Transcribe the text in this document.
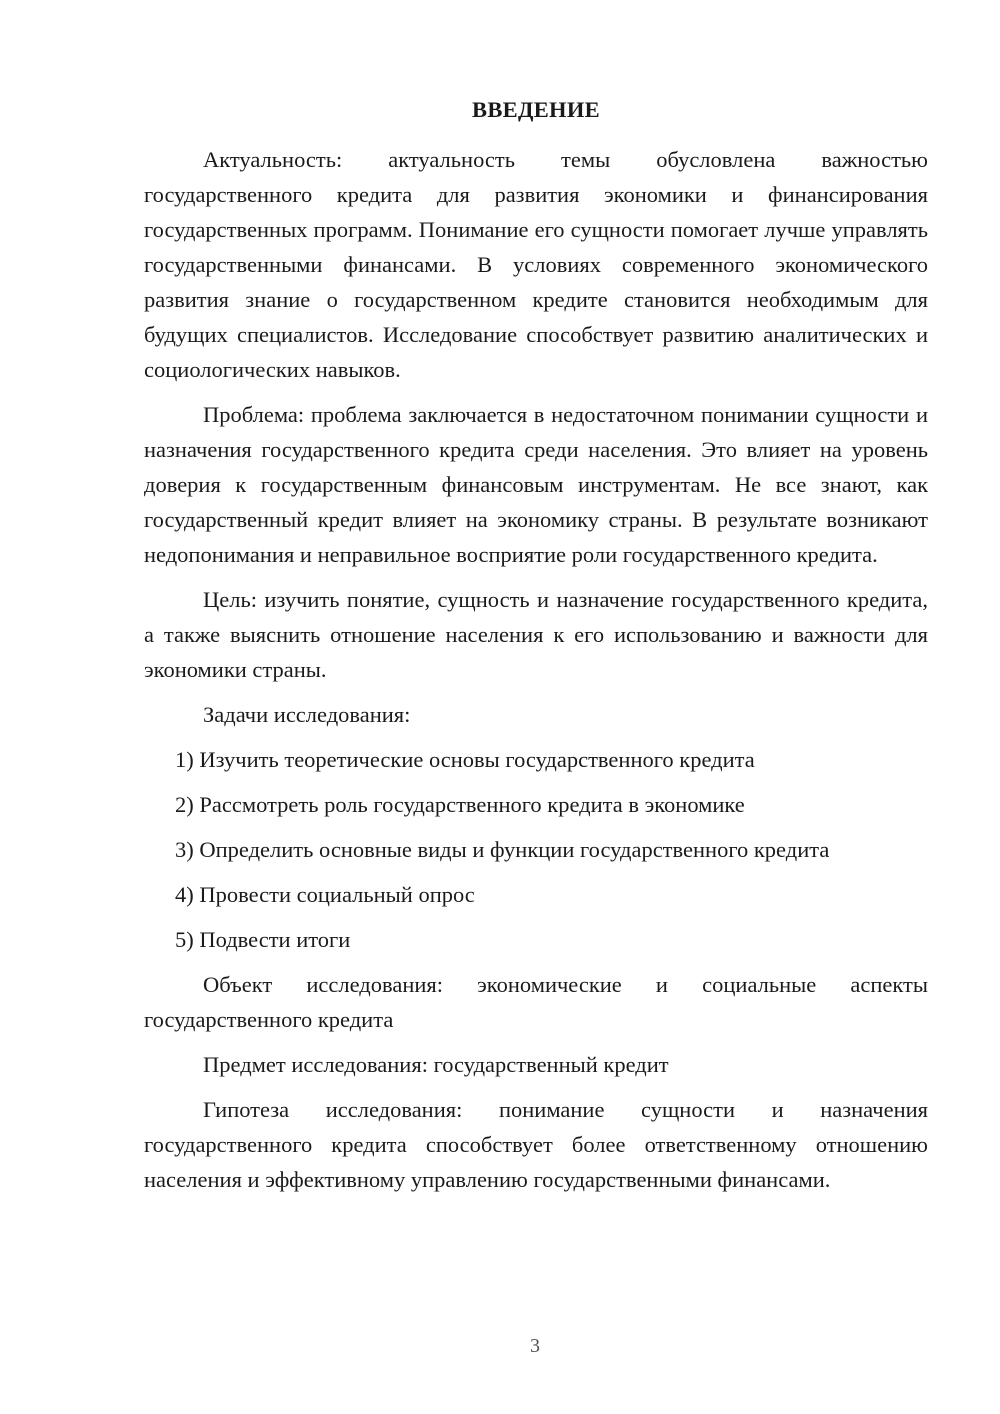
ВВЕДЕНИЕ

Актуальность: актуальность темы обусловлена важностью государственного кредита для развития экономики и финансирования государственных программ. Понимание его сущности помогает лучше управлять государственными финансами. В условиях современного экономического развития знание о государственном кредите становится необходимым для будущих специалистов. Исследование способствует развитию аналитических и социологических навыков.

Проблема: проблема заключается в недостаточном понимании сущности и назначения государственного кредита среди населения. Это влияет на уровень доверия к государственным финансовым инструментам. Не все знают, как государственный кредит влияет на экономику страны. В результате возникают недопонимания и неправильное восприятие роли государственного кредита.

Цель: изучить понятие, сущность и назначение государственного кредита, а также выяснить отношение населения к его использованию и важности для экономики страны.

Задачи исследования:

1) Изучить теоретические основы государственного кредита

2) Рассмотреть роль государственного кредита в экономике

3) Определить основные виды и функции государственного кредита

4) Провести социальный опрос

5) Подвести итоги

Объект исследования: экономические и социальные аспекты государственного кредита

Предмет исследования: государственный кредит

Гипотеза исследования: понимание сущности и назначения государственного кредита способствует более ответственному отношению населения и эффективному управлению государственными финансами.

3
